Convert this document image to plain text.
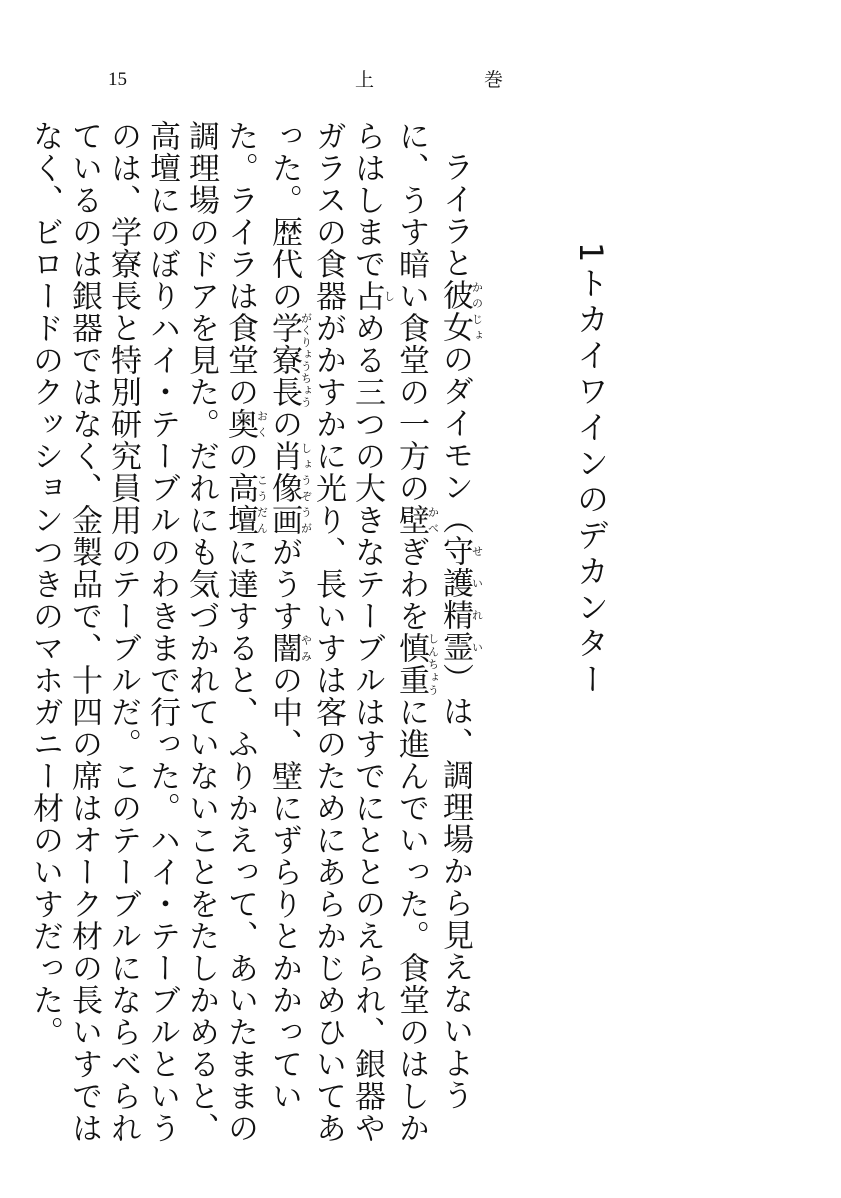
15	上	巻
1トカイワインのデカンター

ライラと彼女かのじょのダイモン（守護精霊せいれい）は、調理場から見えないように、うす暗い食堂の一方の壁かべぎわを慎重しんちょうに進んでいった。食堂のはしからはしまで占しめる三つの大きなテーブルはすでにととのえられ、銀器やガラスの食器がかすかに光り、長いすは客のためにあらかじめひいてあった。歴代の学寮長がくりょうちょうの肖像画しょうぞうががうす闇やみの中、壁にずらりとかかっていた。ライラは食堂の奥おくの高壇こうだんに達すると、ふりかえって、あいたままの調理場のドアを見た。だれにも気づかれていないことをたしかめると、高壇にのぼりハイ・テーブルのわきまで行った。ハイ・テーブルというのは、学寮長と特別研究員用のテーブルだ。このテーブルにならべられているのは銀器ではなく、金製品で、十四の席はオーク材の長いすではなく、ビロードのクッションつきのマホガニー材のいすだった。
